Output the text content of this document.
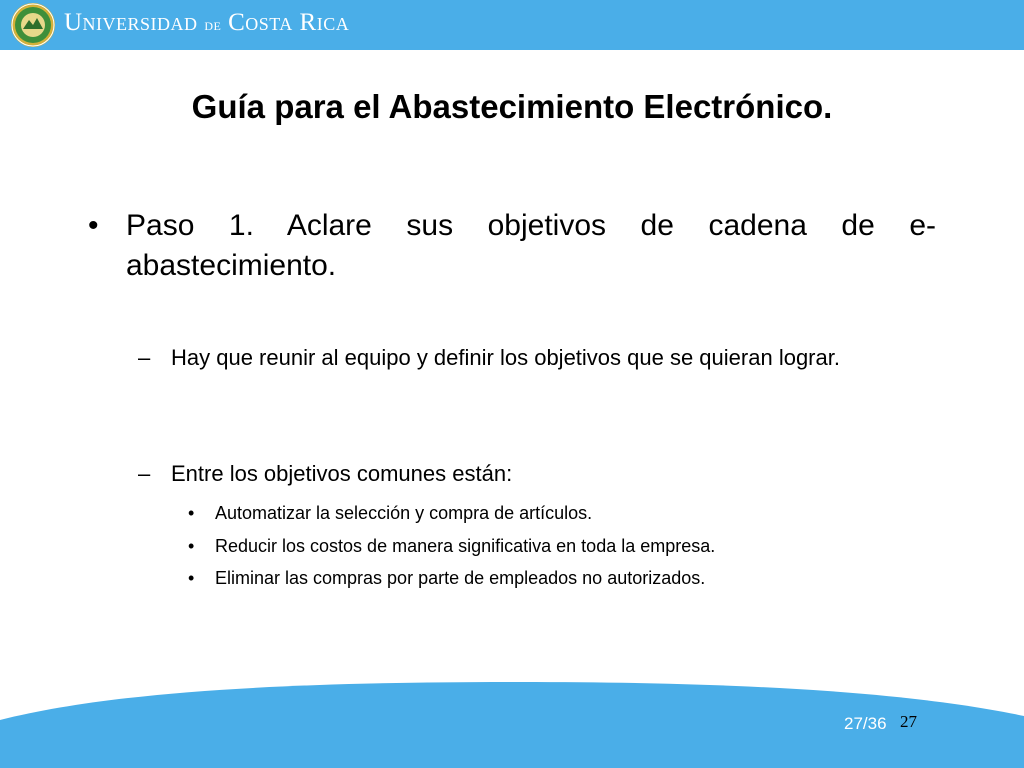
Universidad de Costa Rica
Guía para el Abastecimiento Electrónico.
• Paso 1. Aclare sus objetivos de cadena de e-abastecimiento.

– Hay que reunir al equipo y definir los objetivos que se quieran lograr.

– Entre los objetivos comunes están:

• Automatizar la selección y compra de artículos.

• Reducir los costos de manera significativa en toda la empresa.

• Eliminar las compras por parte de empleados no autorizados.

27/36 27
